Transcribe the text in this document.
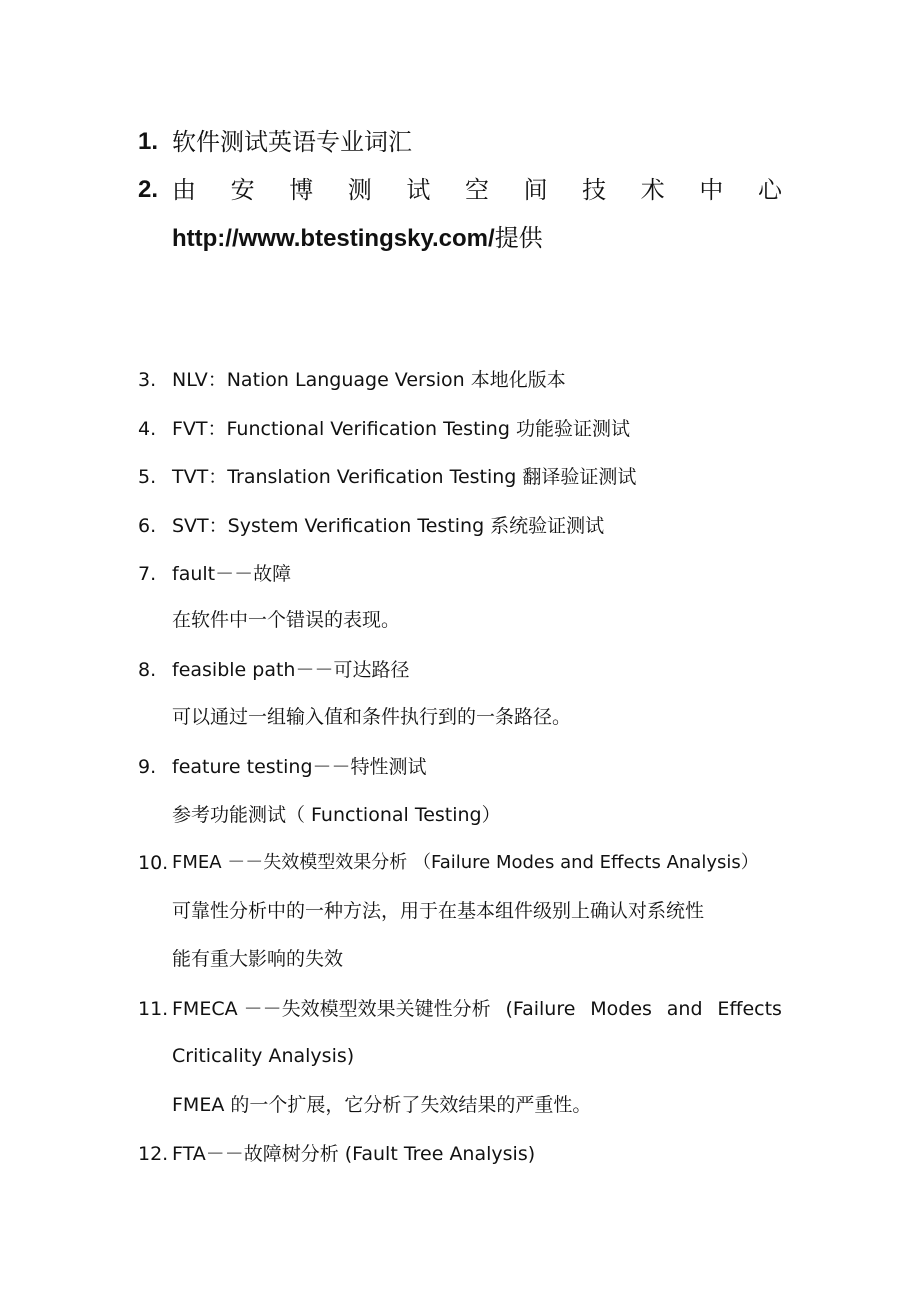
1. 软件测试英语专业词汇
2. 由 安 博 测 试 空 间 技 术 中 心
http://www.btestingsky.com/提供
3. NLV：Nation Language Version 本地化版本
4. FVT：Functional Verification Testing 功能验证测试
5. TVT：Translation Verification Testing 翻译验证测试
6. SVT：System Verification Testing 系统验证测试
7. fault－－故障
在软件中一个错误的表现。
8. feasible path－－可达路径
可以通过一组输入值和条件执行到的一条路径。
9. feature testing－－特性测试
参考功能测试（ Functional Testing）
10. FMEA －－失效模型效果分析 （Failure Modes and Effects Analysis）
可靠性分析中的一种方法，用于在基本组件级别上确认对系统性
能有重大影响的失效
11. FMECA －－失效模型效果关键性分析 (Failure Modes and Effects
Criticality Analysis)
FMEA 的一个扩展，它分析了失效结果的严重性。
12. FTA－－故障树分析 (Fault Tree Analysis)
